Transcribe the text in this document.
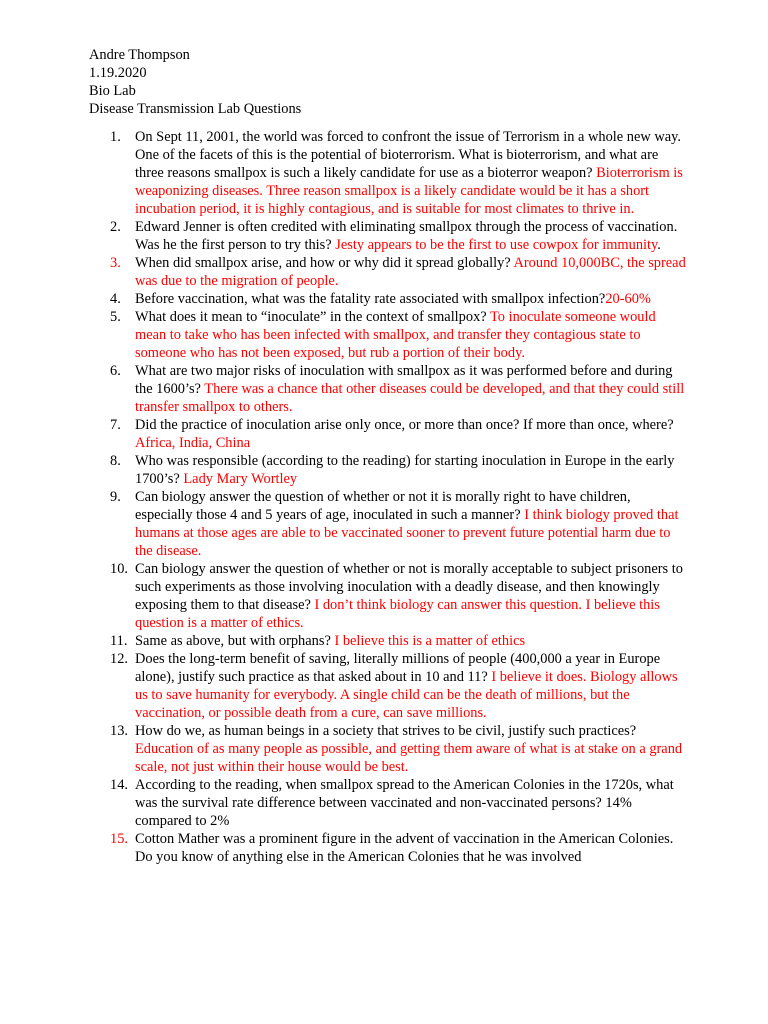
Andre Thompson
1.19.2020
Bio Lab
Disease Transmission Lab Questions
1. On Sept 11, 2001, the world was forced to confront the issue of Terrorism in a whole new way. One of the facets of this is the potential of bioterrorism. What is bioterrorism, and what are three reasons smallpox is such a likely candidate for use as a bioterror weapon? Bioterrorism is weaponizing diseases. Three reason smallpox is a likely candidate would be it has a short incubation period, it is highly contagious, and is suitable for most climates to thrive in.
2. Edward Jenner is often credited with eliminating smallpox through the process of vaccination. Was he the first person to try this? Jesty appears to be the first to use cowpox for immunity.
3. When did smallpox arise, and how or why did it spread globally? Around 10,000BC, the spread was due to the migration of people.
4. Before vaccination, what was the fatality rate associated with smallpox infection?20-60%
5. What does it mean to “inoculate” in the context of smallpox? To inoculate someone would mean to take who has been infected with smallpox, and transfer they contagious state to someone who has not been exposed, but rub a portion of their body.
6. What are two major risks of inoculation with smallpox as it was performed before and during the 1600’s? There was a chance that other diseases could be developed, and that they could still transfer smallpox to others.
7. Did the practice of inoculation arise only once, or more than once? If more than once, where? Africa, India, China
8. Who was responsible (according to the reading) for starting inoculation in Europe in the early 1700’s? Lady Mary Wortley
9. Can biology answer the question of whether or not it is morally right to have children, especially those 4 and 5 years of age, inoculated in such a manner? I think biology proved that humans at those ages are able to be vaccinated sooner to prevent future potential harm due to the disease.
10. Can biology answer the question of whether or not is morally acceptable to subject prisoners to such experiments as those involving inoculation with a deadly disease, and then knowingly exposing them to that disease? I don’t think biology can answer this question. I believe this question is a matter of ethics.
11. Same as above, but with orphans? I believe this is a matter of ethics
12. Does the long-term benefit of saving, literally millions of people (400,000 a year in Europe alone), justify such practice as that asked about in 10 and 11? I believe it does. Biology allows us to save humanity for everybody. A single child can be the death of millions, but the vaccination, or possible death from a cure, can save millions.
13. How do we, as human beings in a society that strives to be civil, justify such practices? Education of as many people as possible, and getting them aware of what is at stake on a grand scale, not just within their house would be best.
14. According to the reading, when smallpox spread to the American Colonies in the 1720s, what was the survival rate difference between vaccinated and non-vaccinated persons? 14% compared to 2%
15. Cotton Mather was a prominent figure in the advent of vaccination in the American Colonies. Do you know of anything else in the American Colonies that he was involved
